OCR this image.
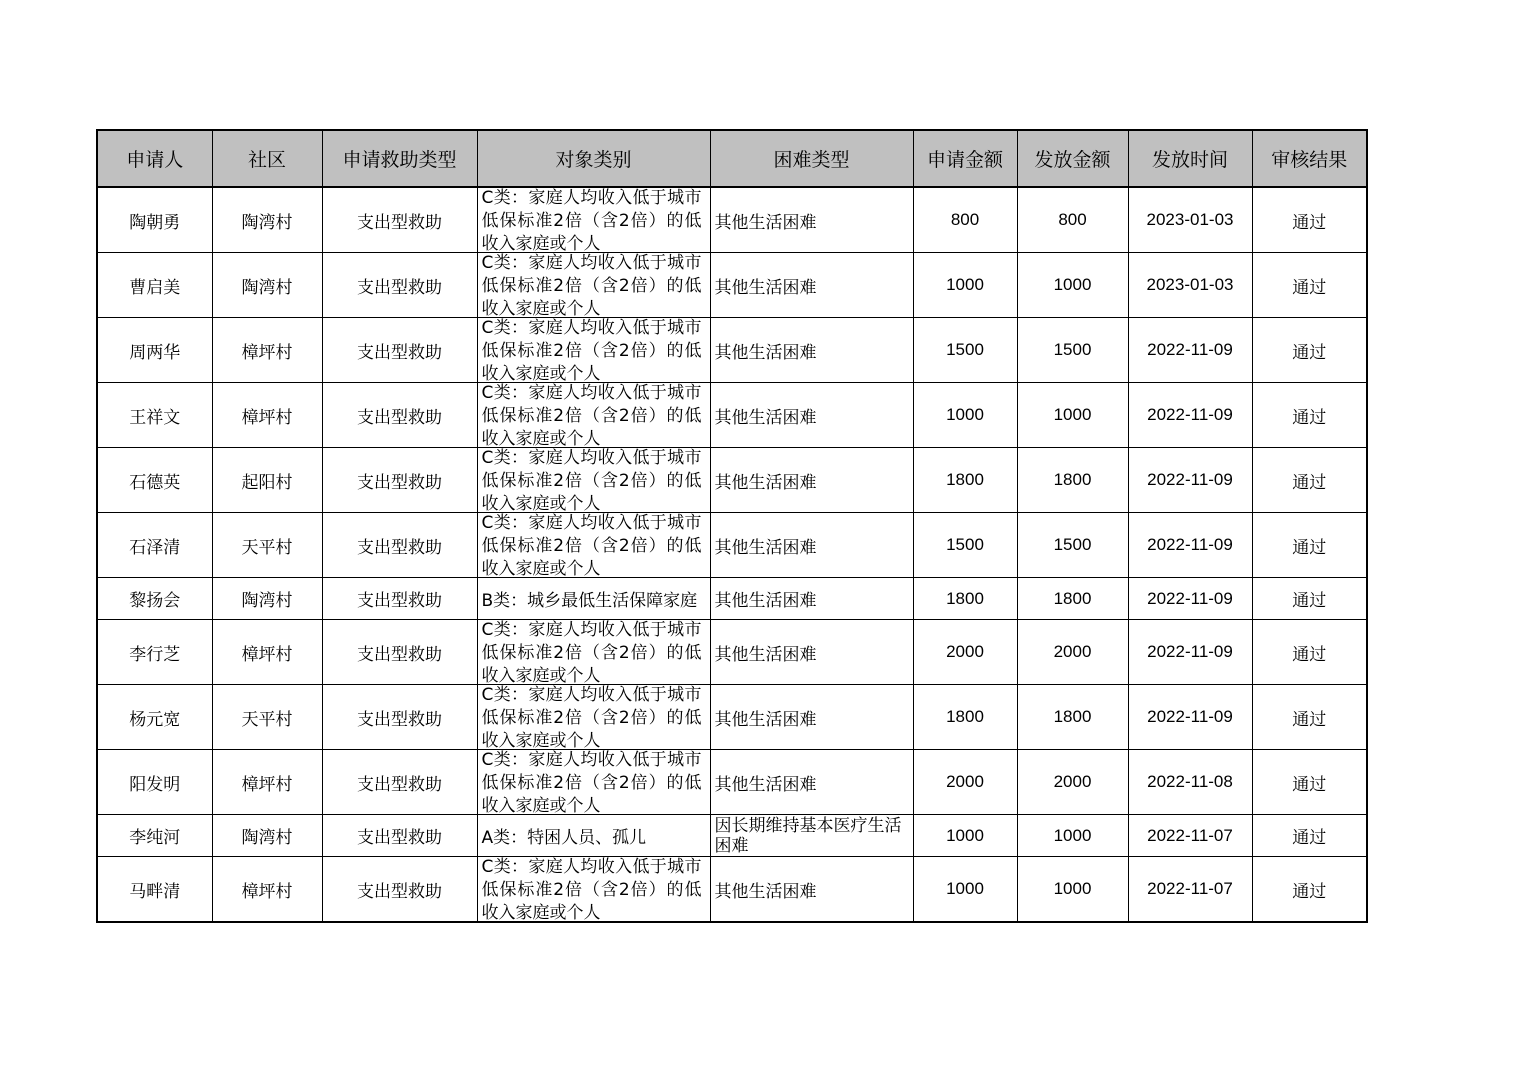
申请人	社区	申请救助类型	对象类别	困难类型	申请金额	发放金额	发放时间	审核结果
陶朝勇	陶湾村	支出型救助	C类：家庭人均收入低于城市低保标准2倍（含2倍）的低收入家庭或个人	其他生活困难	800	800	2023-01-03	通过
曹启美	陶湾村	支出型救助	C类：家庭人均收入低于城市低保标准2倍（含2倍）的低收入家庭或个人	其他生活困难	1000	1000	2023-01-03	通过
周两华	樟坪村	支出型救助	C类：家庭人均收入低于城市低保标准2倍（含2倍）的低收入家庭或个人	其他生活困难	1500	1500	2022-11-09	通过
王祥文	樟坪村	支出型救助	C类：家庭人均收入低于城市低保标准2倍（含2倍）的低收入家庭或个人	其他生活困难	1000	1000	2022-11-09	通过
石德英	起阳村	支出型救助	C类：家庭人均收入低于城市低保标准2倍（含2倍）的低收入家庭或个人	其他生活困难	1800	1800	2022-11-09	通过
石泽清	天平村	支出型救助	C类：家庭人均收入低于城市低保标准2倍（含2倍）的低收入家庭或个人	其他生活困难	1500	1500	2022-11-09	通过
黎扬会	陶湾村	支出型救助	B类：城乡最低生活保障家庭	其他生活困难	1800	1800	2022-11-09	通过
李行芝	樟坪村	支出型救助	C类：家庭人均收入低于城市低保标准2倍（含2倍）的低收入家庭或个人	其他生活困难	2000	2000	2022-11-09	通过
杨元宽	天平村	支出型救助	C类：家庭人均收入低于城市低保标准2倍（含2倍）的低收入家庭或个人	其他生活困难	1800	1800	2022-11-09	通过
阳发明	樟坪村	支出型救助	C类：家庭人均收入低于城市低保标准2倍（含2倍）的低收入家庭或个人	其他生活困难	2000	2000	2022-11-08	通过
李纯河	陶湾村	支出型救助	A类：特困人员、孤儿	因长期维持基本医疗生活困难	1000	1000	2022-11-07	通过
马畔清	樟坪村	支出型救助	C类：家庭人均收入低于城市低保标准2倍（含2倍）的低收入家庭或个人	其他生活困难	1000	1000	2022-11-07	通过
